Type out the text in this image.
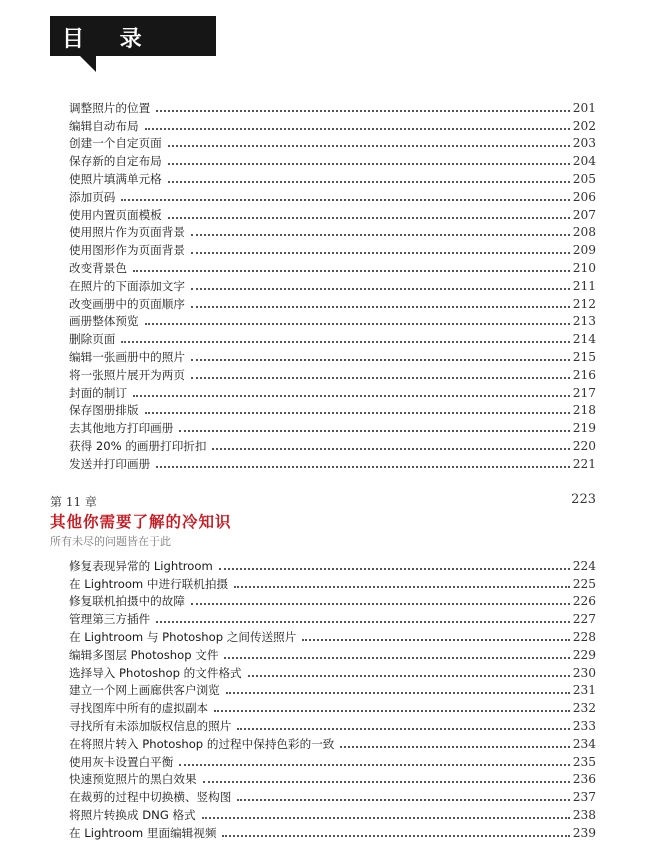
目 录
调整照片的位置	201
编辑自动布局	202
创建一个自定页面	203
保存新的自定布局	204
使照片填满单元格	205
添加页码	206
使用内置页面模板	207
使用照片作为页面背景	208
使用图形作为页面背景	209
改变背景色	210
在照片的下面添加文字	211
改变画册中的页面顺序	212
画册整体预览	213
删除页面	214
编辑一张画册中的照片	215
将一张照片展开为两页	216
封面的制订	217
保存图册排版	218
去其他地方打印画册	219
获得 20% 的画册打印折扣	220
发送并打印画册	221
第 11 章	223
其他你需要了解的冷知识
所有未尽的问题皆在于此
修复表现异常的 Lightroom	224
在 Lightroom 中进行联机拍摄	225
修复联机拍摄中的故障	226
管理第三方插件	227
在 Lightroom 与 Photoshop 之间传送照片	228
编辑多图层 Photoshop 文件	229
选择导入 Photoshop 的文件格式	230
建立一个网上画廊供客户浏览	231
寻找图库中所有的虚拟副本	232
寻找所有未添加版权信息的照片	233
在将照片转入 Photoshop 的过程中保持色彩的一致	234
使用灰卡设置白平衡	235
快速预览照片的黑白效果	236
在裁剪的过程中切换横、竖构图	237
将照片转换成 DNG 格式	238
在 Lightroom 里面编辑视频	239
